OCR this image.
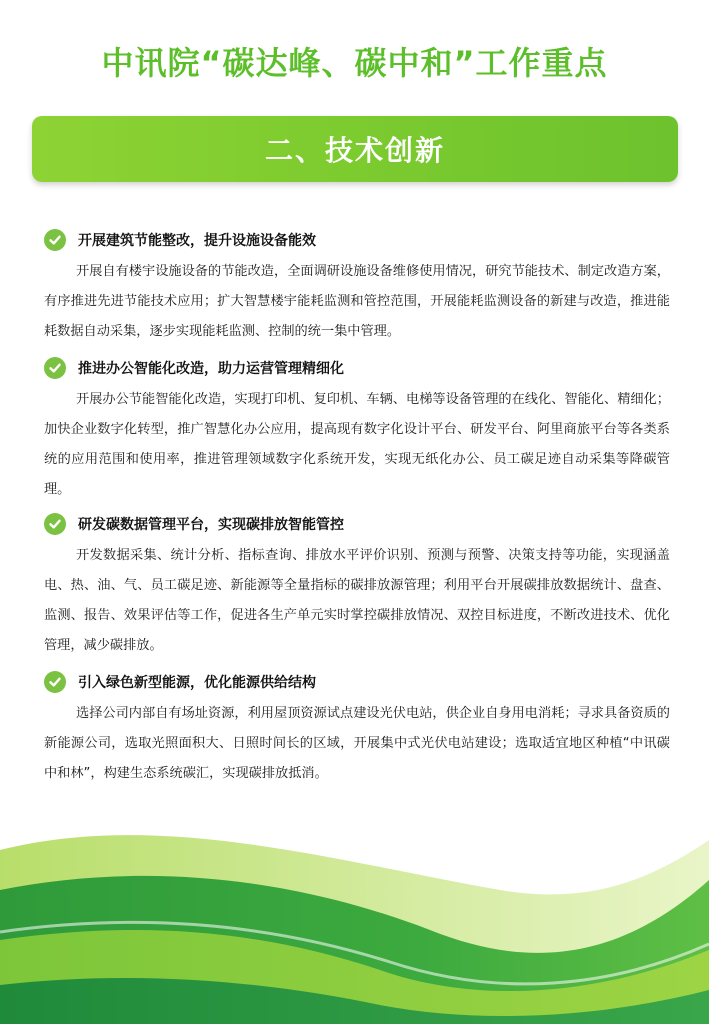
中讯院“碳达峰、碳中和”工作重点
二、技术创新
开展建筑节能整改，提升设施设备能效

开展自有楼宇设施设备的节能改造，全面调研设施设备维修使用情况，研究节能技术、制定改造方案，有序推进先进节能技术应用；扩大智慧楼宇能耗监测和管控范围，开展能耗监测设备的新建与改造，推进能耗数据自动采集，逐步实现能耗监测、控制的统一集中管理。

推进办公智能化改造，助力运营管理精细化

开展办公节能智能化改造，实现打印机、复印机、车辆、电梯等设备管理的在线化、智能化、精细化；加快企业数字化转型，推广智慧化办公应用，提高现有数字化设计平台、研发平台、阿里商旅平台等各类系统的应用范围和使用率，推进管理领域数字化系统开发，实现无纸化办公、员工碳足迹自动采集等降碳管理。

研发碳数据管理平台，实现碳排放智能管控

开发数据采集、统计分析、指标查询、排放水平评价识别、预测与预警、决策支持等功能，实现涵盖电、热、油、气、员工碳足迹、新能源等全量指标的碳排放源管理；利用平台开展碳排放数据统计、盘查、监测、报告、效果评估等工作，促进各生产单元实时掌控碳排放情况、双控目标进度，不断改进技术、优化管理，减少碳排放。

引入绿色新型能源，优化能源供给结构

选择公司内部自有场址资源，利用屋顶资源试点建设光伏电站，供企业自身用电消耗；寻求具备资质的新能源公司，选取光照面积大、日照时间长的区域，开展集中式光伏电站建设；选取适宜地区种植“中讯碳中和林”，构建生态系统碳汇，实现碳排放抵消。
